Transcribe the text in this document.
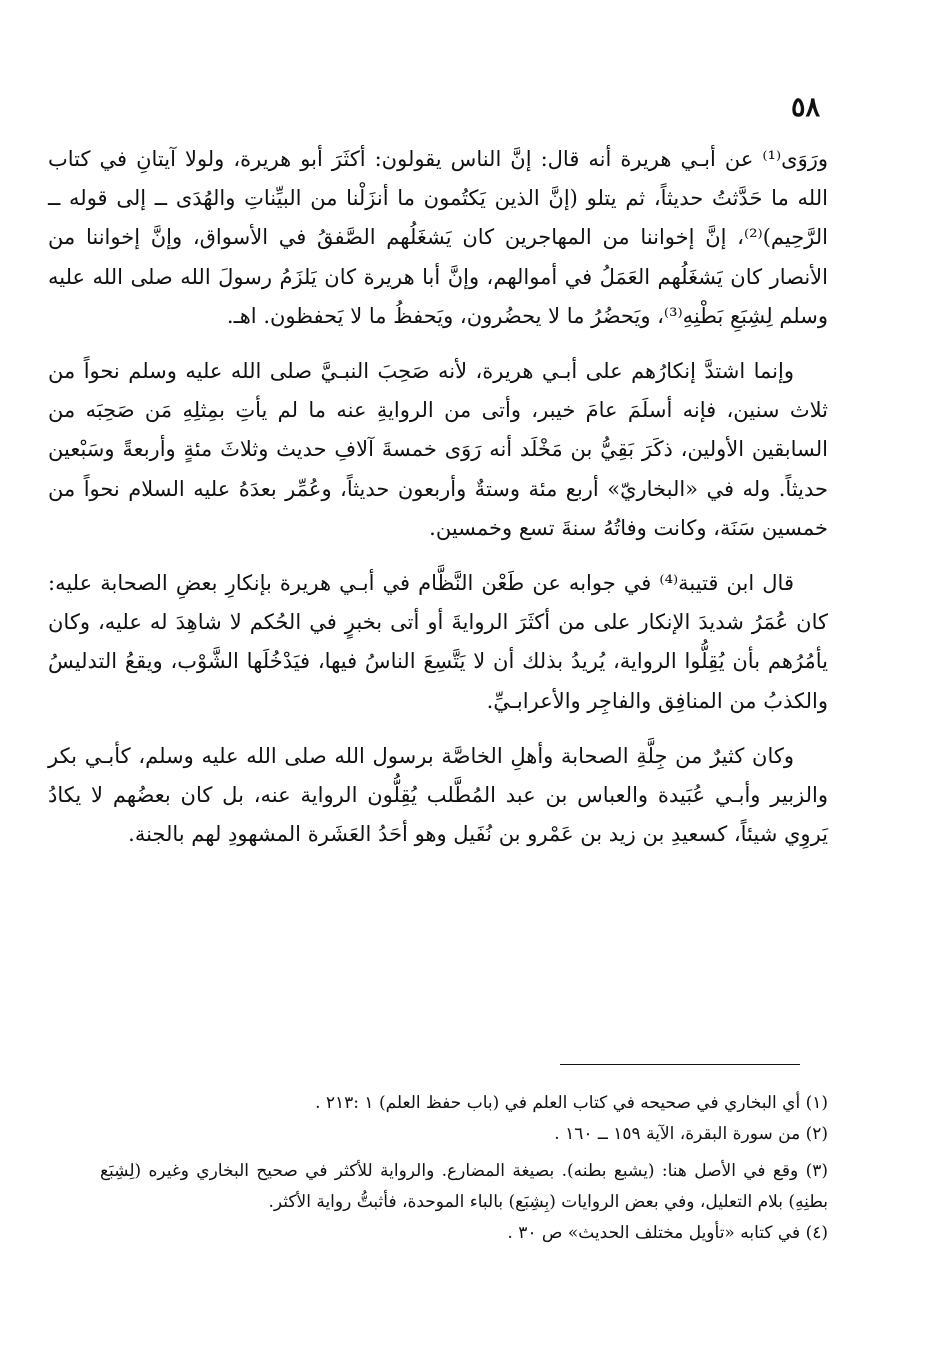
٥٨

ورَوَى⁽¹⁾ عن أبـي هريرة أنه قال: إنَّ الناس يقولون: أكثَرَ أبو هريرة، ولولا آيتانِ في كتاب الله ما حَدَّثتُ حديثاً، ثم يتلو (إنَّ الذين يَكتُمون ما أنزَلْنا من البيِّناتِ والهُدَى ــ إلى قوله ــ الرَّحِيم)⁽²⁾، إنَّ إخواننا من المهاجرين كان يَشغَلُهم الصَّفقُ في الأسواق، وإنَّ إخواننا من الأنصار كان يَشغَلُهم العَمَلُ في أموالهم، وإنَّ أبا هريرة كان يَلزَمُ رسولَ الله صلى الله عليه وسلم لِشِبَعِ بَطْنِهِ⁽³⁾، ويَحضُرُ ما لا يحضُرون، ويَحفظُ ما لا يَحفظون. اهـ.

وإنما اشتدَّ إنكارُهم على أبـي هريرة، لأنه صَحِبَ النبـيَّ صلى الله عليه وسلم نحواً من ثلاث سنين، فإنه أسلَمَ عامَ خيبر، وأتى من الروايةِ عنه ما لم يأتِ بمِثلِهِ مَن صَحِبَه من السابقين الأولين، ذكَرَ بَقِيُّ بن مَخْلَد أنه رَوَى خمسةَ آلافِ حديث وثلاثَ مئةٍ وأربعةً وسَبْعين حديثاً. وله في «البخاريّ» أربع مئة وستةٌ وأربعون حديثاً، وعُمِّر بعدَهُ عليه السلام نحواً من خمسين سَنَة، وكانت وفاتُهُ سنةَ تسع وخمسين.

قال ابن قتيبة⁽⁴⁾ في جوابه عن طَعْن النَّظَّام في أبـي هريرة بإنكارِ بعضِ الصحابة عليه: كان عُمَرُ شديدَ الإنكار على من أكثَرَ الروايةَ أو أتى بخبرٍ في الحُكم لا شاهِدَ له عليه، وكان يأمُرُهم بأن يُقِلُّوا الرواية، يُريدُ بذلك أن لا يَتَّسِعَ الناسُ فيها، فيَدْخُلَها الشَّوْب، ويقعُ التدليسُ والكذبُ من المنافِق والفاجِر والأعرابـيِّ.

وكان كثيرٌ من جِلَّةِ الصحابة وأهلِ الخاصَّة برسول الله صلى الله عليه وسلم، كأبـي بكر والزبير وأبـي عُبَيدة والعباس بن عبد المُطَّلب يُقِلُّون الرواية عنه، بل كان بعضُهم لا يكادُ يَروِي شيئاً، كسعيدِ بن زيد بن عَمْرو بن نُفَيل وهو أحَدُ العَشَرة المشهودِ لهم بالجنة.

(١) أي البخاري في صحيحه في كتاب العلم في (باب حفظ العلم) ١ :٢١٣ .

(٢) من سورة البقرة، الآية ١٥٩ ــ ١٦٠ .

(٣) وقع في الأصل هنا: (يشبع بطنه). بصيغة المضارع. والرواية للأكثر في صحيح البخاري وغيره (لِشِبَع بطنِهِ) بلام التعليل، وفي بعض الروايات (بِشِبَع) بالباء الموحدة، فأثبتُّ رواية الأكثر.

(٤) في كتابه «تأويل مختلف الحديث» ص ٣٠ .
